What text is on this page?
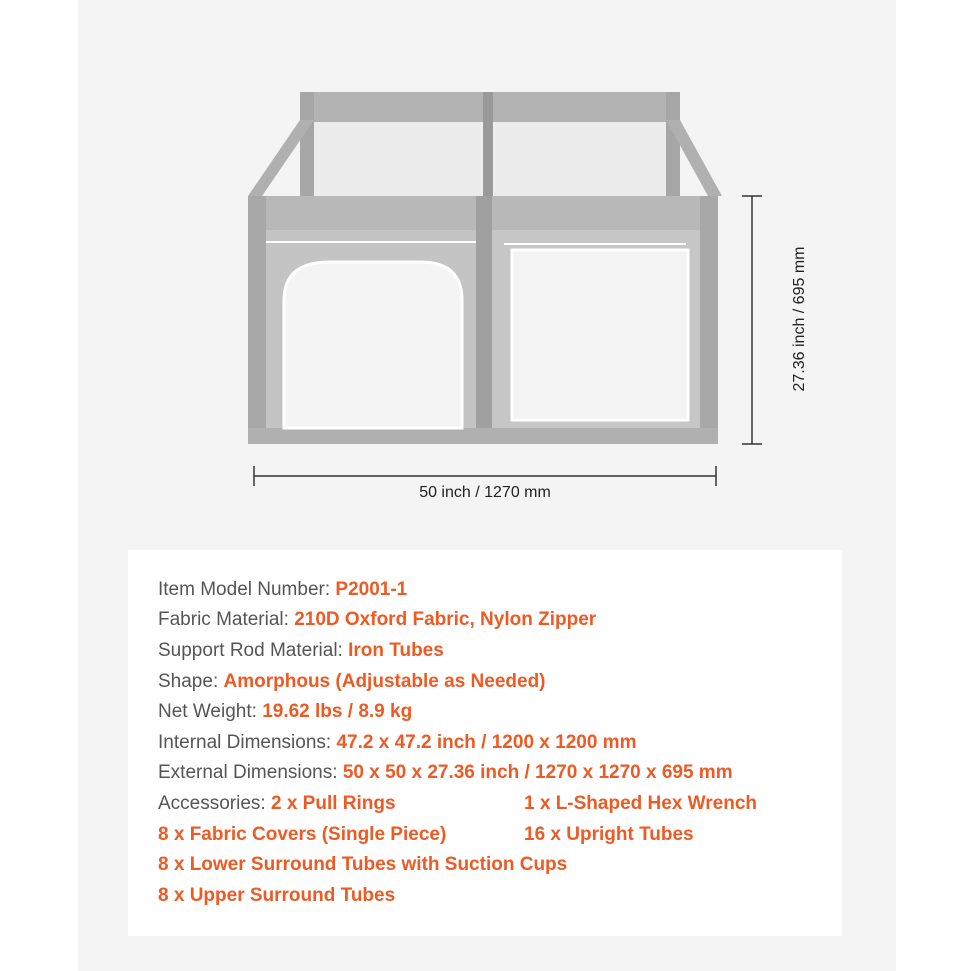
50 inch / 1270 mm
27.36 inch / 695 mm
Item Model Number: P2001-1
Fabric Material: 210D Oxford Fabric, Nylon Zipper
Support Rod Material: Iron Tubes
Shape: Amorphous (Adjustable as Needed)
Net Weight: 19.62 lbs / 8.9 kg
Internal Dimensions: 47.2 x 47.2 inch / 1200 x 1200 mm
External Dimensions: 50 x 50 x 27.36 inch / 1270 x 1270 x 695 mm
Accessories: 2 x Pull Rings	1 x L-Shaped Hex Wrench
8 x Fabric Covers (Single Piece)	16 x Upright Tubes
8 x Lower Surround Tubes with Suction Cups
8 x Upper Surround Tubes
